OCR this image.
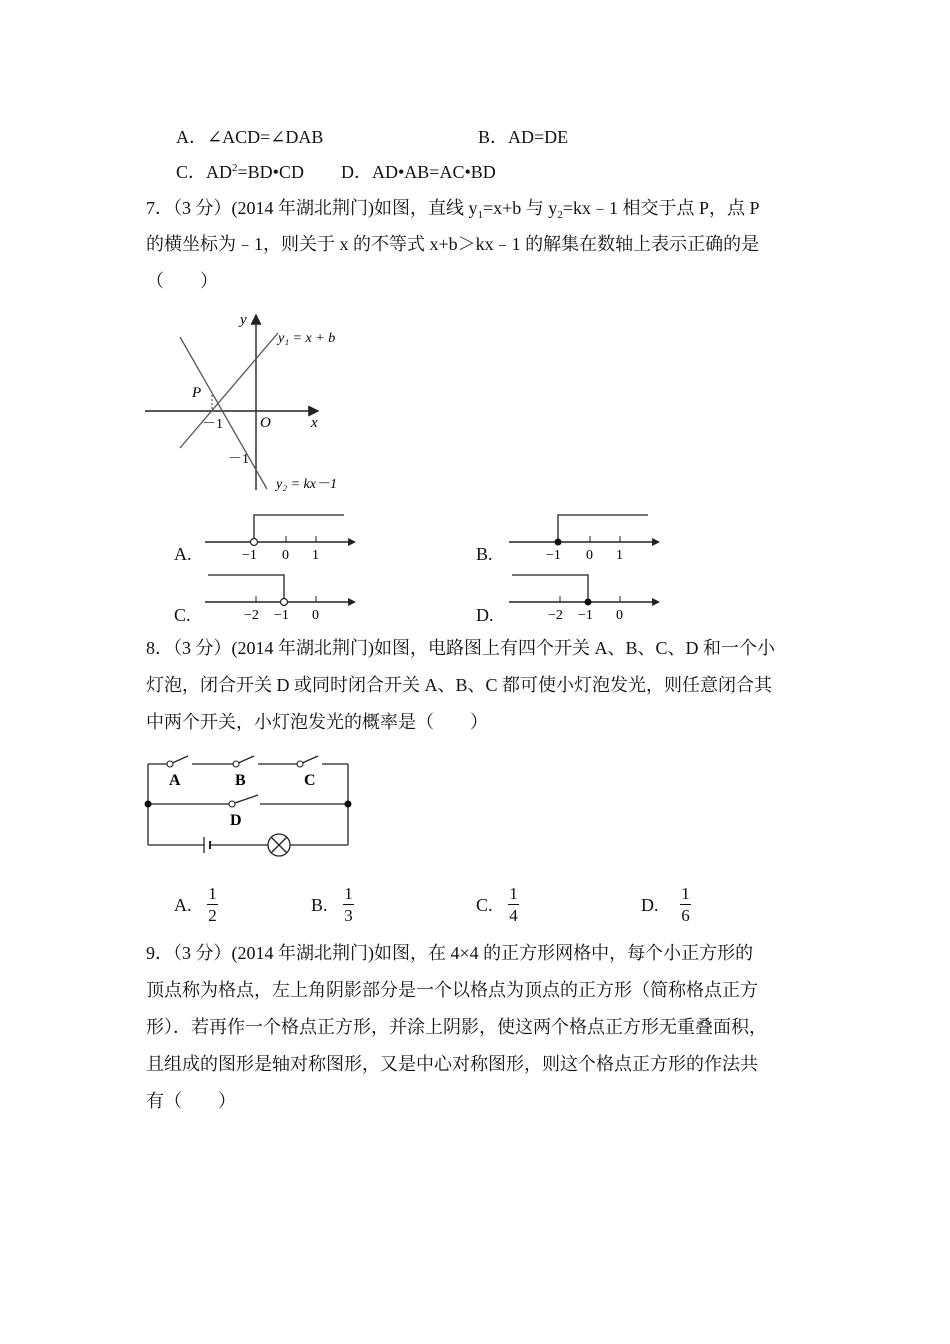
A．∠ACD=∠DAB	B．AD=DE
C．$AD^2=BD•CD$ D．AD•AB=AC•BD
7．（3 分）(2014 年湖北荆门)如图，直线 $y_1=x+b$ 与 $y_2=kx﹣1$ 相交于点 P，点 P
的横坐标为﹣1，则关于 x 的不等式 x+b＞kx﹣1 的解集在数轴上表示正确的是
（　　）
y
x
O
P
－1
－1
y₁ = x + b
y₂ = kx－1
A.	−1 0 1	B.	−1 0 1
C.	−2 −1 0	D.	−2 −1 0
8．（3 分）(2014 年湖北荆门)如图，电路图上有四个开关 A、B、C、D 和一个小
灯泡，闭合开关 D 或同时闭合开关 A、B、C 都可使小灯泡发光，则任意闭合其
中两个开关，小灯泡发光的概率是（　　）
A	B	C
D
A.
1
2
B.
1
3
C.
1
4
D.
1
6
9．（3 分）(2014 年湖北荆门)如图，在 4×4 的正方形网格中，每个小正方形的
顶点称为格点，左上角阴影部分是一个以格点为顶点的正方形（简称格点正方
形）．若再作一个格点正方形，并涂上阴影，使这两个格点正方形无重叠面积，
且组成的图形是轴对称图形，又是中心对称图形，则这个格点正方形的作法共
有（　　）
